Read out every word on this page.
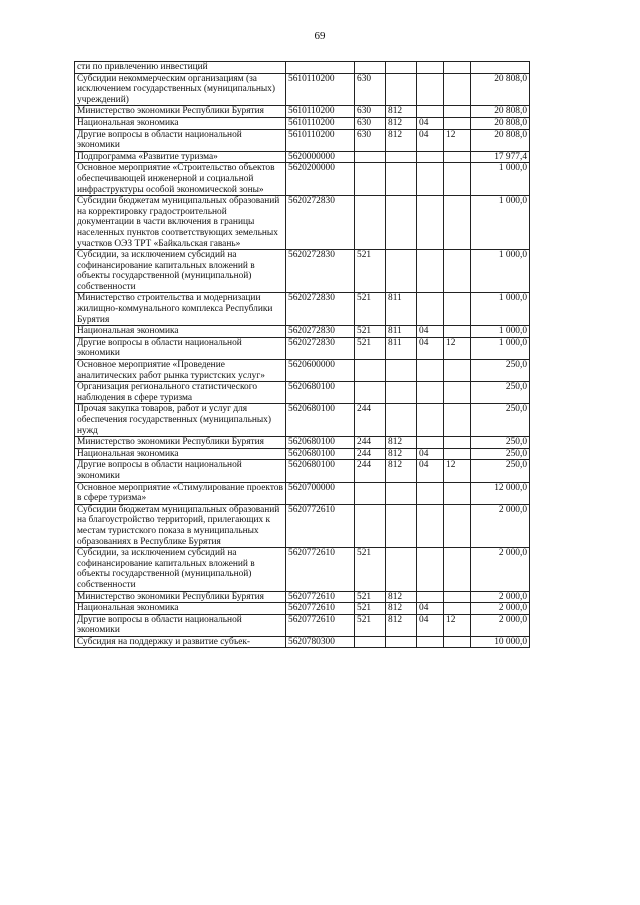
69
сти по привлечению инвестиций						
Субсидии некоммерческим организациям (за исключением государственных (муниципальных) учреждений)	5610110200	630				20 808,0
Министерство экономики Республики Бурятия	5610110200	630	812			20 808,0
Национальная экономика	5610110200	630	812	04		20 808,0
Другие вопросы в области национальной экономики	5610110200	630	812	04	12	20 808,0
Подпрограмма «Развитие туризма»	5620000000					17 977,4
Основное мероприятие «Строительство объектов обеспечивающей инженерной и социальной инфраструктуры особой экономической зоны»	5620200000					1 000,0
Субсидии бюджетам муниципальных образований на корректировку градостроительной документации в части включения в границы населенных пунктов соответствующих земельных участков ОЭЗ ТРТ «Байкальская гавань»	5620272830					1 000,0
Субсидии, за исключением субсидий на софинансирование капитальных вложений в объекты государственной (муниципальной) собственности	5620272830	521				1 000,0
Министерство строительства и модернизации жилищно-коммунального комплекса Республики Бурятия	5620272830	521	811			1 000,0
Национальная экономика	5620272830	521	811	04		1 000,0
Другие вопросы в области национальной экономики	5620272830	521	811	04	12	1 000,0
Основное мероприятие «Проведение аналитических работ рынка туристских услуг»	5620600000					250,0
Организация регионального статистического наблюдения в сфере туризма	5620680100					250,0
Прочая закупка товаров, работ и услуг для обеспечения государственных (муниципальных) нужд	5620680100	244				250,0
Министерство экономики Республики Бурятия	5620680100	244	812			250,0
Национальная экономика	5620680100	244	812	04		250,0
Другие вопросы в области национальной экономики	5620680100	244	812	04	12	250,0
Основное мероприятие «Стимулирование проектов в сфере туризма»	5620700000					12 000,0
Субсидии бюджетам муниципальных образований на благоустройство территорий, прилегающих к местам туристского показа в муниципальных образованиях в Республике Бурятия	5620772610					2 000,0
Субсидии, за исключением субсидий на софинансирование капитальных вложений в объекты государственной (муниципальной) собственности	5620772610	521				2 000,0
Министерство экономики Республики Бурятия	5620772610	521	812			2 000,0
Национальная экономика	5620772610	521	812	04		2 000,0
Другие вопросы в области национальной экономики	5620772610	521	812	04	12	2 000,0
Субсидия на поддержку и развитие субъек-	5620780300					10 000,0
